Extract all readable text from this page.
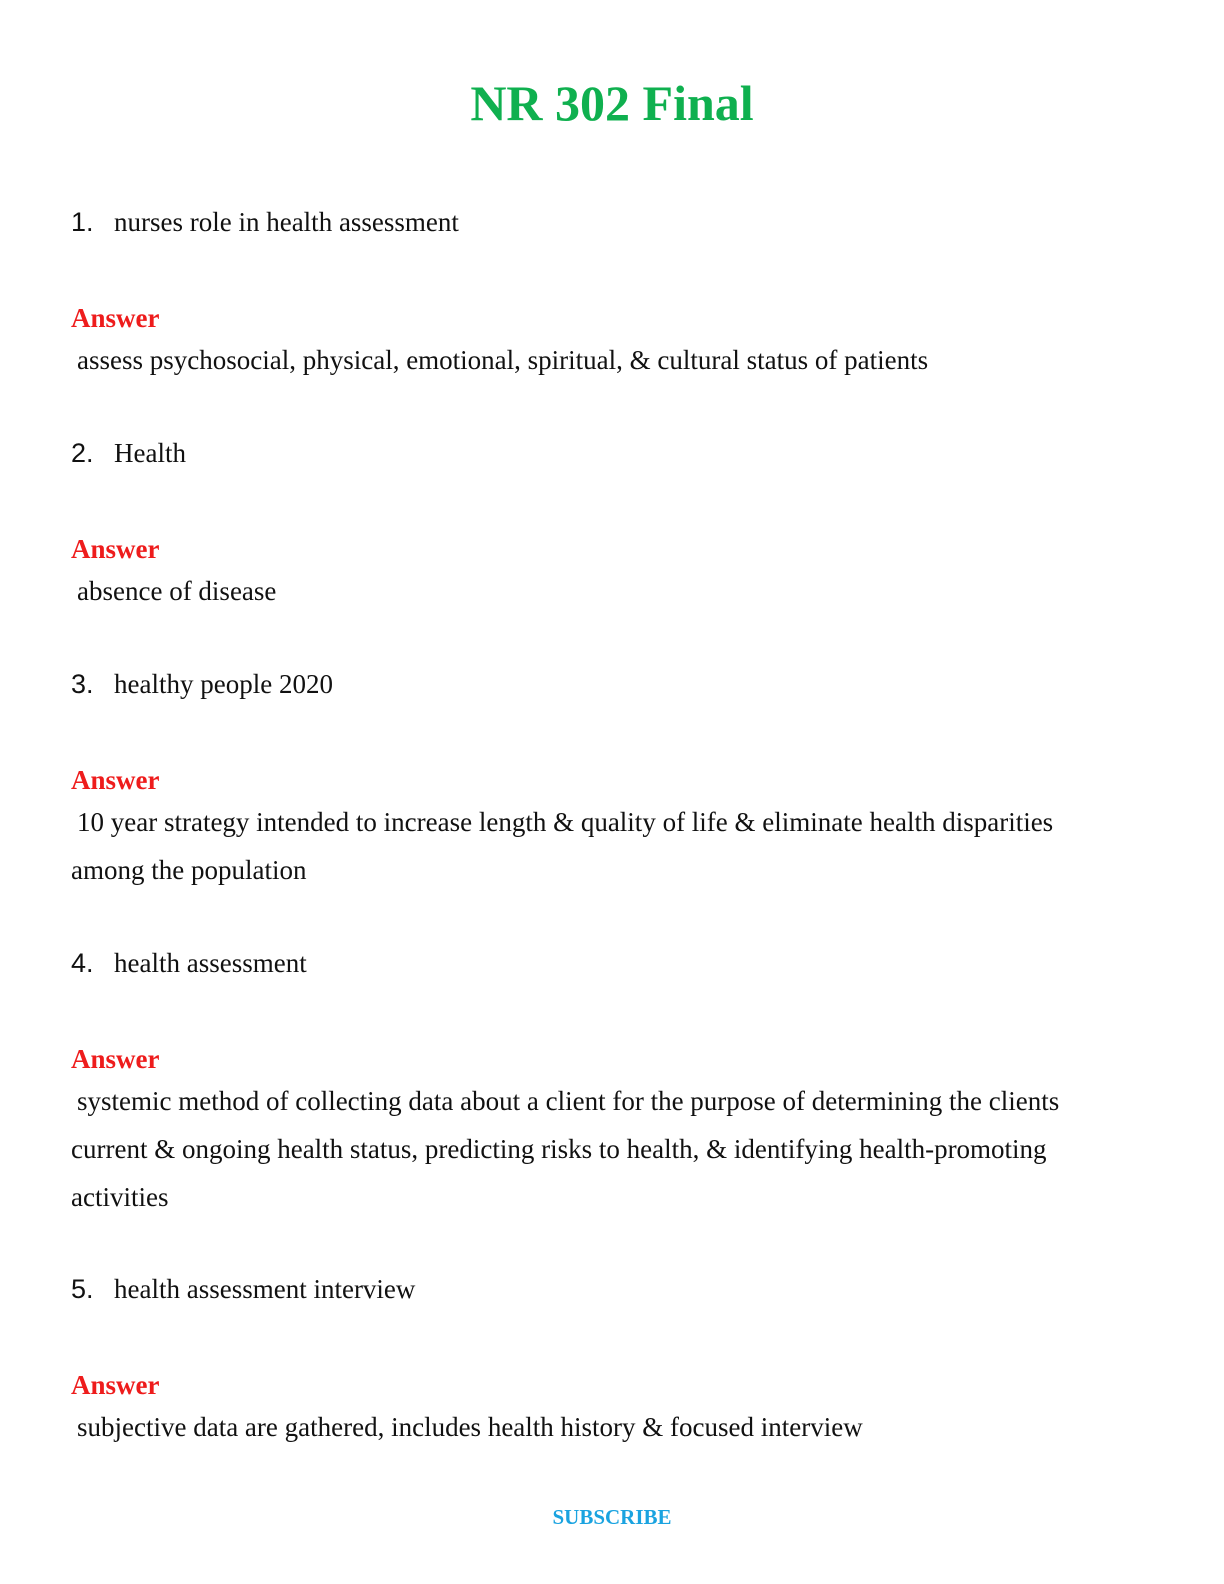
NR 302 Final
1. nurses role in health assessment
Answer
assess psychosocial, physical, emotional, spiritual, & cultural status of patients
2. Health
Answer
absence of disease
3. healthy people 2020
Answer
10 year strategy intended to increase length & quality of life & eliminate health disparities among the population
4. health assessment
Answer
systemic method of collecting data about a client for the purpose of determining the clients current & ongoing health status, predicting risks to health, & identifying health-promoting activities
5. health assessment interview
Answer
subjective data are gathered, includes health history & focused interview
SUBSCRIBE
